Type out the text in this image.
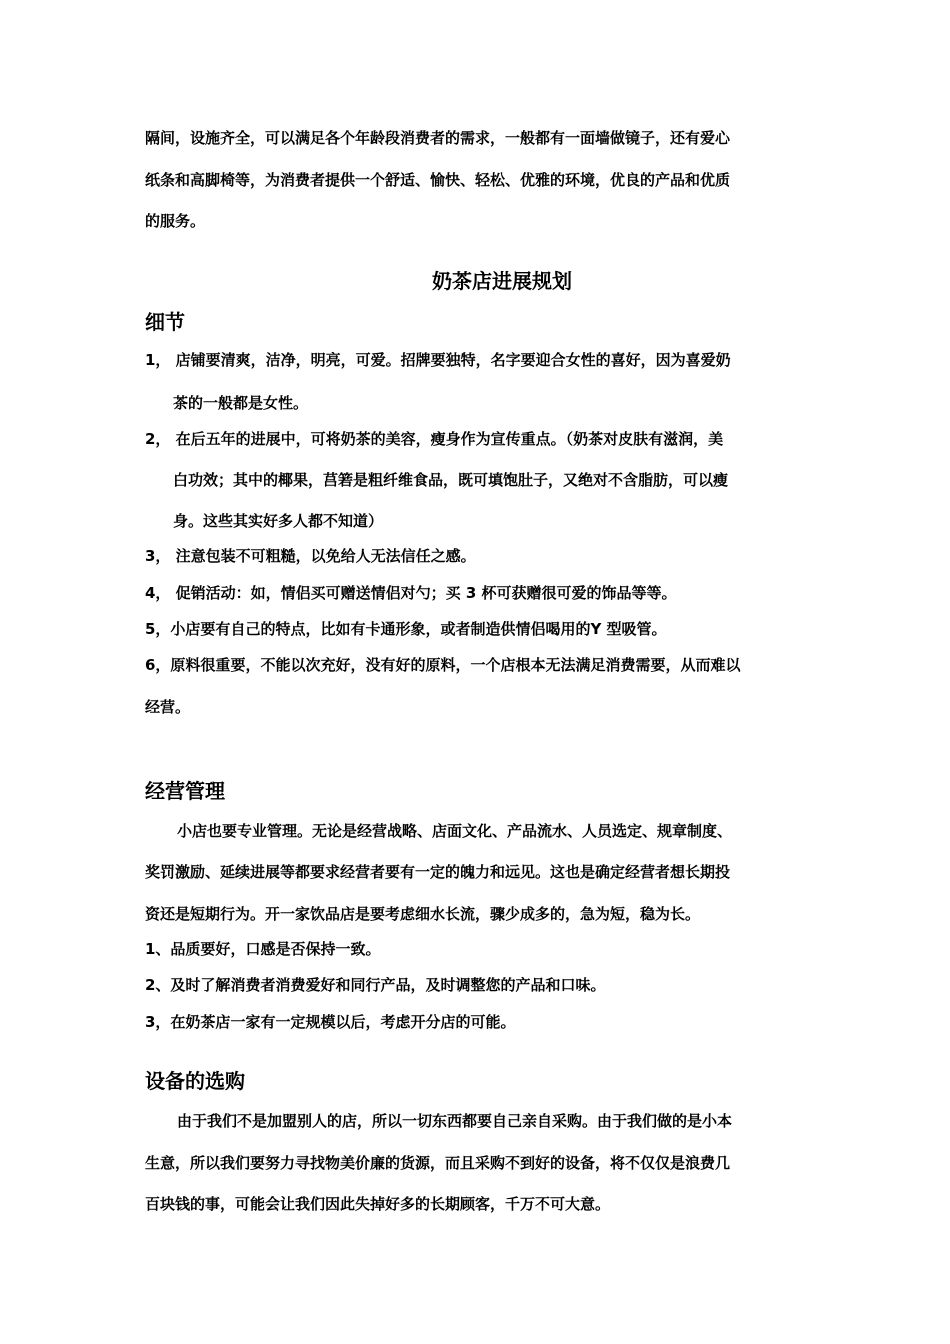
隔间，设施齐全，可以满足各个年龄段消费者的需求，一般都有一面墙做镜子，还有爱心
纸条和高脚椅等，为消费者提供一个舒适、愉快、轻松、优雅的环境，优良的产品和优质
的服务。
奶茶店进展规划
细节
1， 店铺要清爽，洁净，明亮，可爱。招牌要独特，名字要迎合女性的喜好，因为喜爱奶
茶的一般都是女性。
2， 在后五年的进展中，可将奶茶的美容，瘦身作为宣传重点。（奶茶对皮肤有滋润，美
白功效；其中的椰果，莒箬是粗纤维食品，既可填饱肚子，又绝对不含脂肪，可以瘦
身。这些其实好多人都不知道）
3， 注意包装不可粗糙，以免给人无法信任之感。
4， 促销活动：如，情侣买可赠送情侣对勺；买 3 杯可获赠很可爱的饰品等等。
5，小店要有自己的特点，比如有卡通形象，或者制造供情侣喝用的Y 型吸管。
6，原料很重要，不能以次充好，没有好的原料，一个店根本无法满足消费需要，从而难以
经营。
经营管理
小店也要专业管理。无论是经营战略、店面文化、产品流水、人员选定、规章制度、
奖罚激励、延续进展等都要求经营者要有一定的魄力和远见。这也是确定经营者想长期投
资还是短期行为。开一家饮品店是要考虑细水长流，骤少成多的，急为短，稳为长。
1、品质要好，口感是否保持一致。
2、及时了解消费者消费爱好和同行产品，及时调整您的产品和口味。
3，在奶茶店一家有一定规模以后，考虑开分店的可能。
设备的选购
由于我们不是加盟别人的店，所以一切东西都要自己亲自采购。由于我们做的是小本
生意，所以我们要努力寻找物美价廉的货源，而且采购不到好的设备，将不仅仅是浪费几
百块钱的事，可能会让我们因此失掉好多的长期顾客，千万不可大意。
